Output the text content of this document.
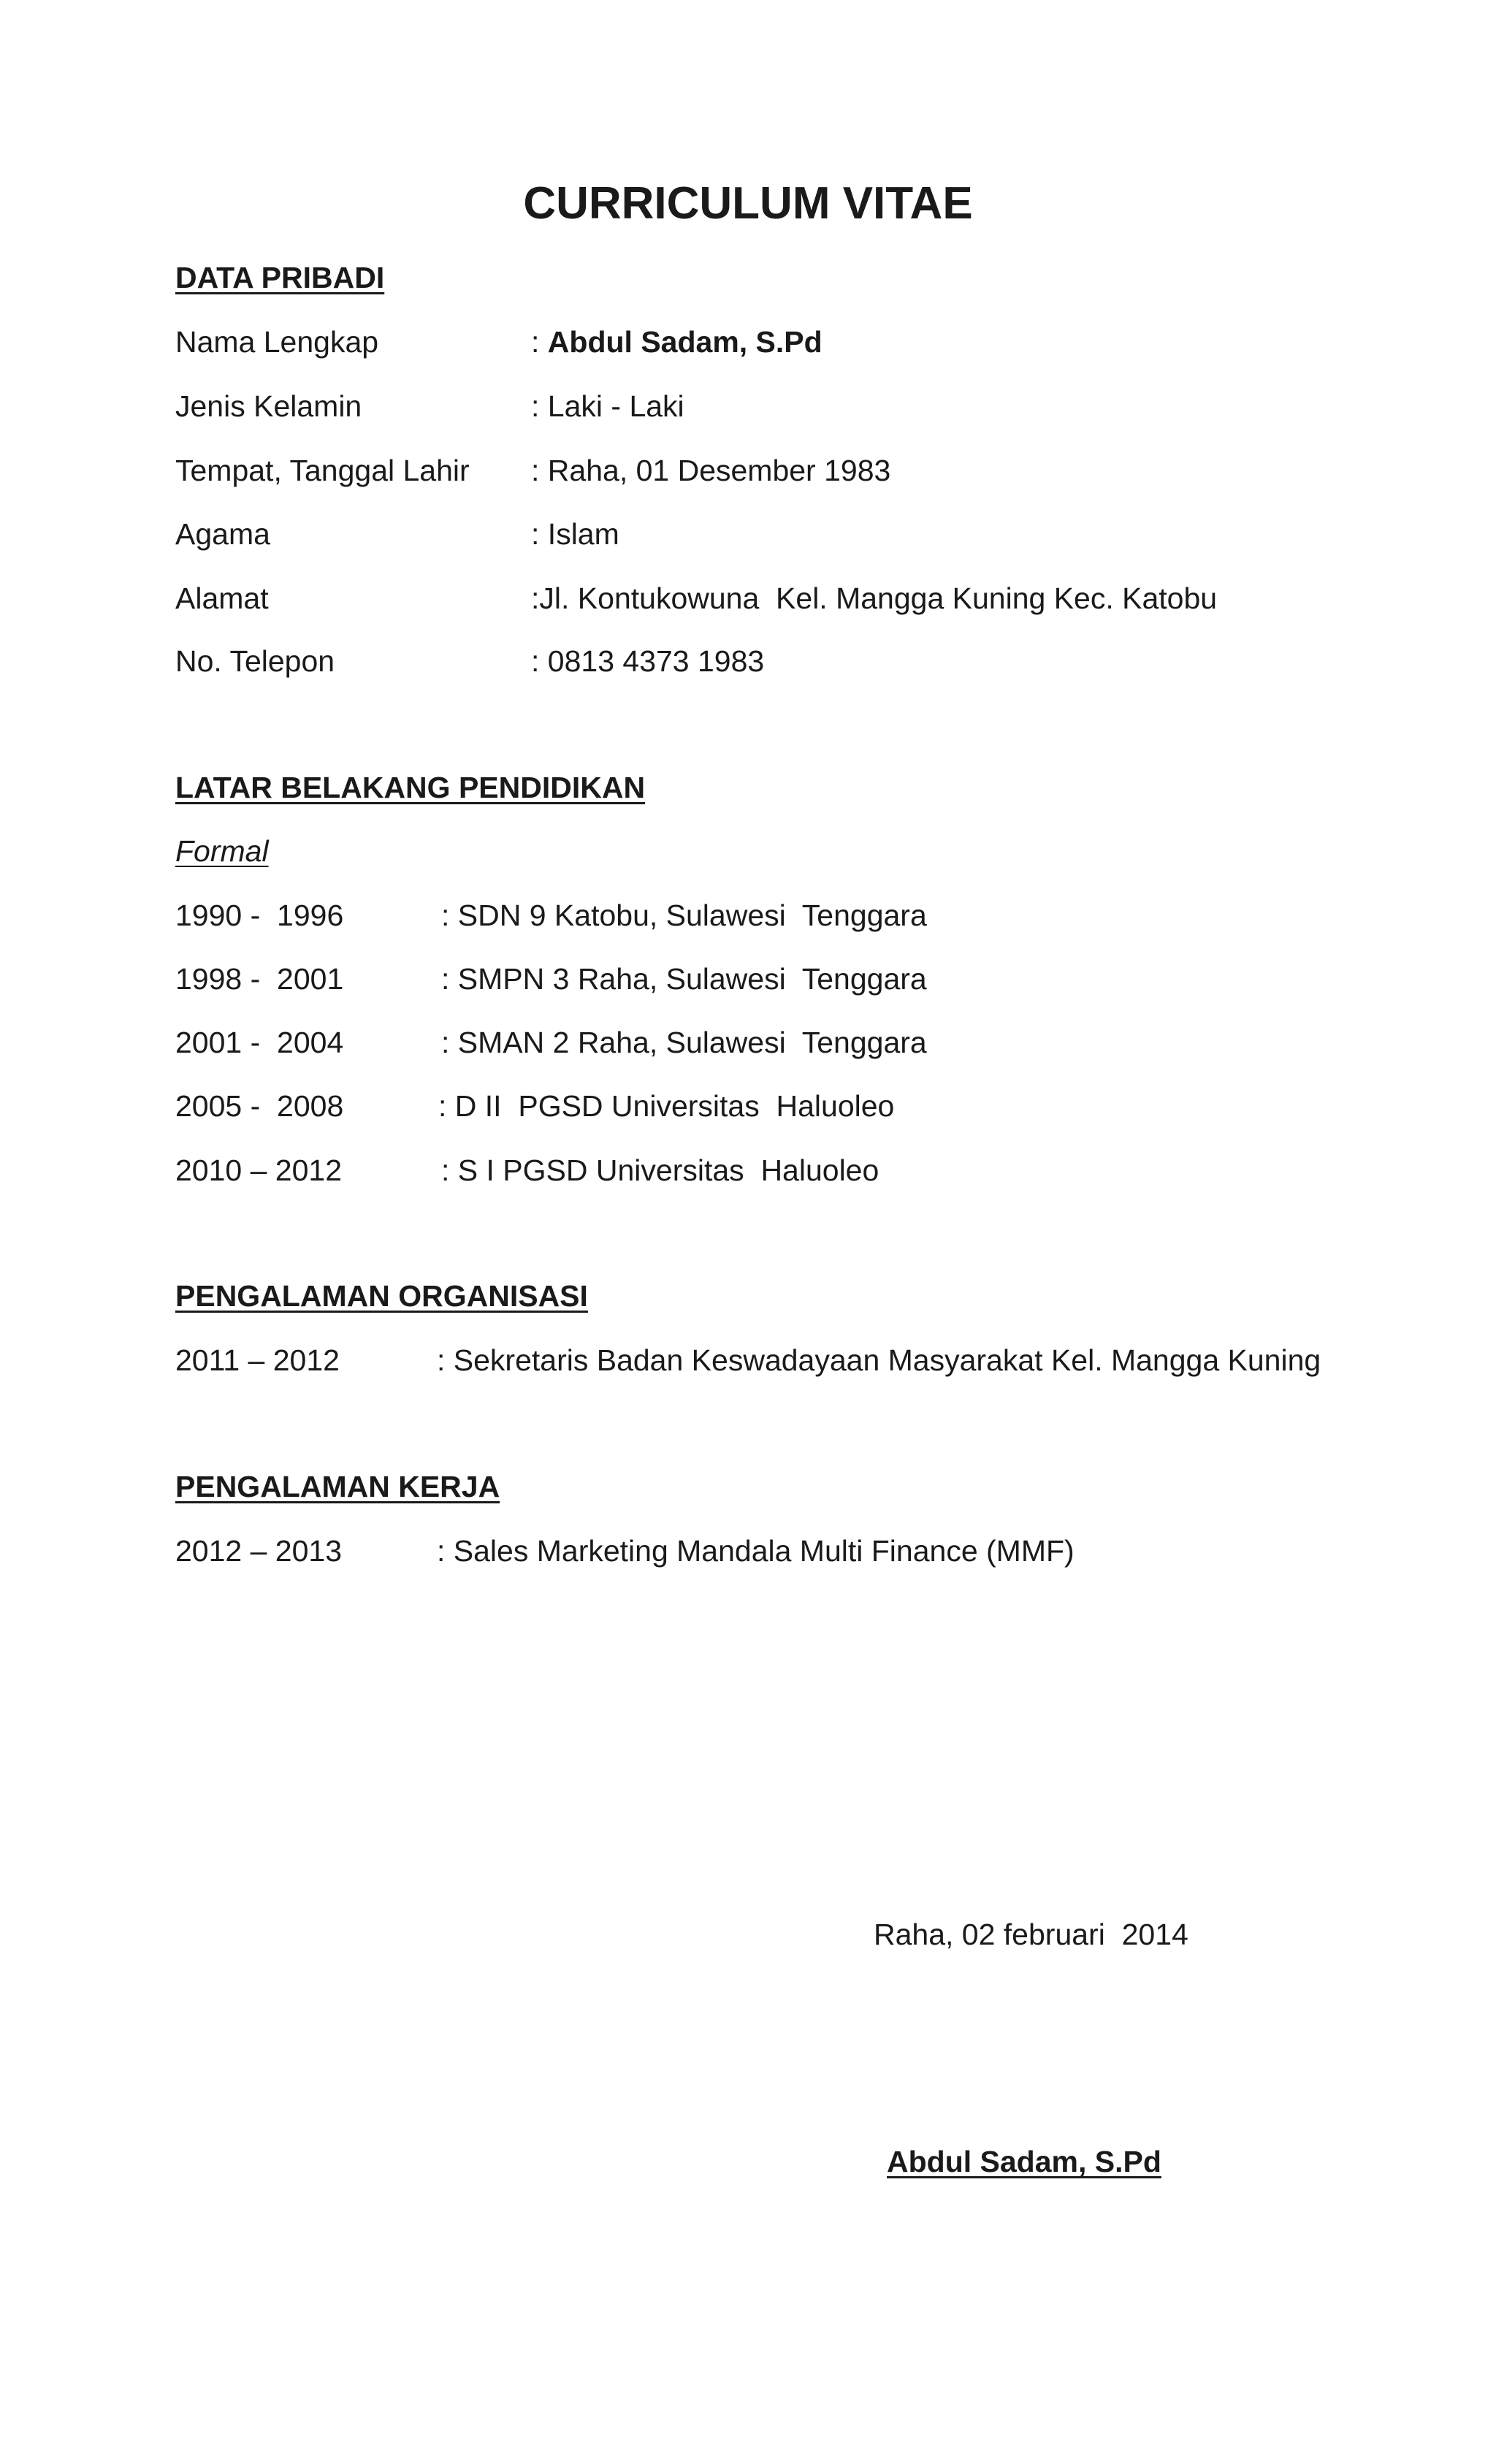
CURRICULUM VITAE
DATA PRIBADI
Nama Lengkap	: Abdul Sadam, S.Pd
Jenis Kelamin	: Laki - Laki
Tempat, Tanggal Lahir : Raha, 01 Desember 1983
Agama	: Islam
Alamat	:Jl. Kontukowuna  Kel. Mangga Kuning Kec. Katobu
No. Telepon	: 0813 4373 1983
LATAR BELAKANG PENDIDIKAN
Formal
1990 -  1996	: SDN 9 Katobu, Sulawesi  Tenggara
1998 -  2001	: SMPN 3 Raha, Sulawesi  Tenggara
2001 -  2004	: SMAN 2 Raha, Sulawesi  Tenggara
2005 -  2008	: D II  PGSD Universitas  Haluoleo
2010 – 2012	: S I PGSD Universitas  Haluoleo
PENGALAMAN ORGANISASI
2011 – 2012	: Sekretaris Badan Keswadayaan Masyarakat Kel. Mangga Kuning
PENGALAMAN KERJA
2012 – 2013	: Sales Marketing Mandala Multi Finance (MMF)
Raha, 02 februari  2014
Abdul Sadam, S.Pd
